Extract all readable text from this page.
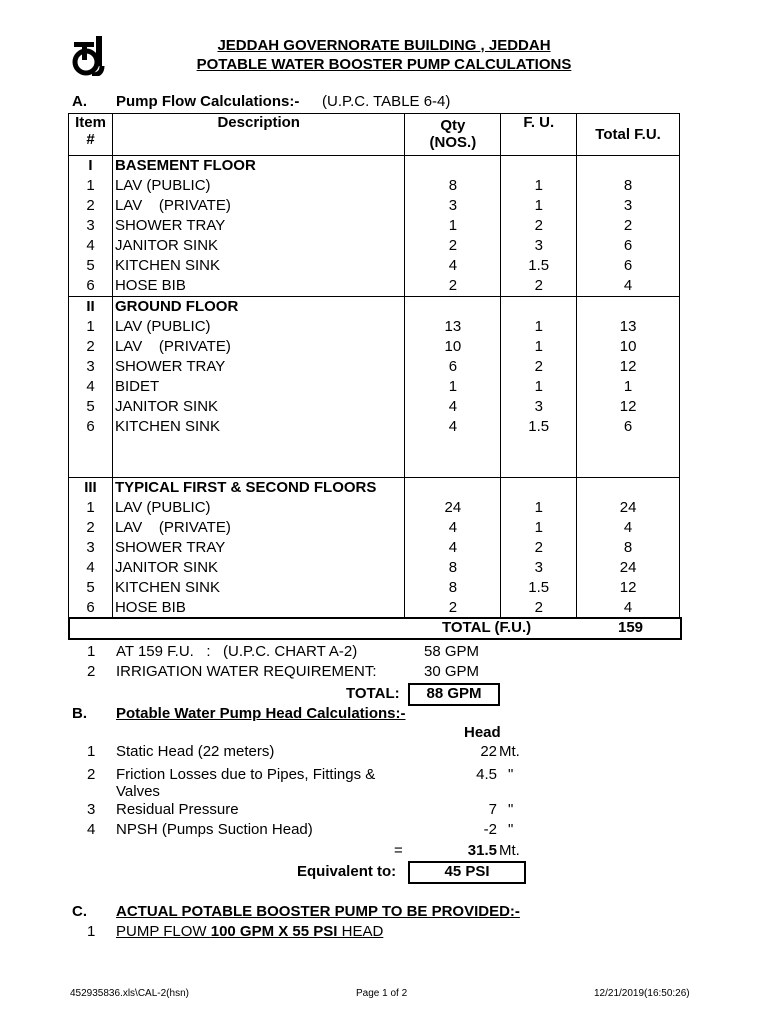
JEDDAH GOVERNORATE BUILDING , JEDDAH
POTABLE WATER BOOSTER PUMP CALCULATIONS
A. Pump Flow Calculations:- (U.P.C. TABLE 6-4)
Item
#	Description	Qty
(NOS.)	F. U.	Total F.U.
I	BASEMENT FLOOR			
1	LAV (PUBLIC)	8	1	8
2	LAV    (PRIVATE)	3	1	3
3	SHOWER TRAY	1	2	2
4	JANITOR SINK	2	3	6
5	KITCHEN SINK	4	1.5	6
6	HOSE BIB	2	2	4
II	GROUND FLOOR			
1	LAV (PUBLIC)	13	1	13
2	LAV    (PRIVATE)	10	1	10
3	SHOWER TRAY	6	2	12
4	BIDET	1	1	1
5	JANITOR SINK	4	3	12
6	KITCHEN SINK	4	1.5	6

III	TYPICAL FIRST & SECOND FLOORS			
1	LAV (PUBLIC)	24	1	24
2	LAV    (PRIVATE)	4	1	4
3	SHOWER TRAY	4	2	8
4	JANITOR SINK	8	3	24
5	KITCHEN SINK	8	1.5	12
6	HOSE BIB	2	2	4
TOTAL (F.U.)	159
1 AT 159 F.U.   :   (U.P.C. CHART A-2)	58 GPM
2 IRRIGATION WATER REQUIREMENT:	30 GPM
TOTAL:	88 GPM
B. Potable Water Pump Head Calculations:-
Head
1 Static Head (22 meters)	22 Mt.
2 Friction Losses due to Pipes, Fittings &
Valves
4.5 "
3 Residual Pressure	7 "
4 NPSH (Pumps Suction Head)	-2 "
=	31.5 Mt.
Equivalent to:	45 PSI
C. ACTUAL POTABLE BOOSTER PUMP TO BE PROVIDED:-
1 PUMP FLOW 100 GPM X 55 PSI HEAD
452935836.xls\CAL-2(hsn)	Page 1 of 2	12/21/2019(16:50:26)
